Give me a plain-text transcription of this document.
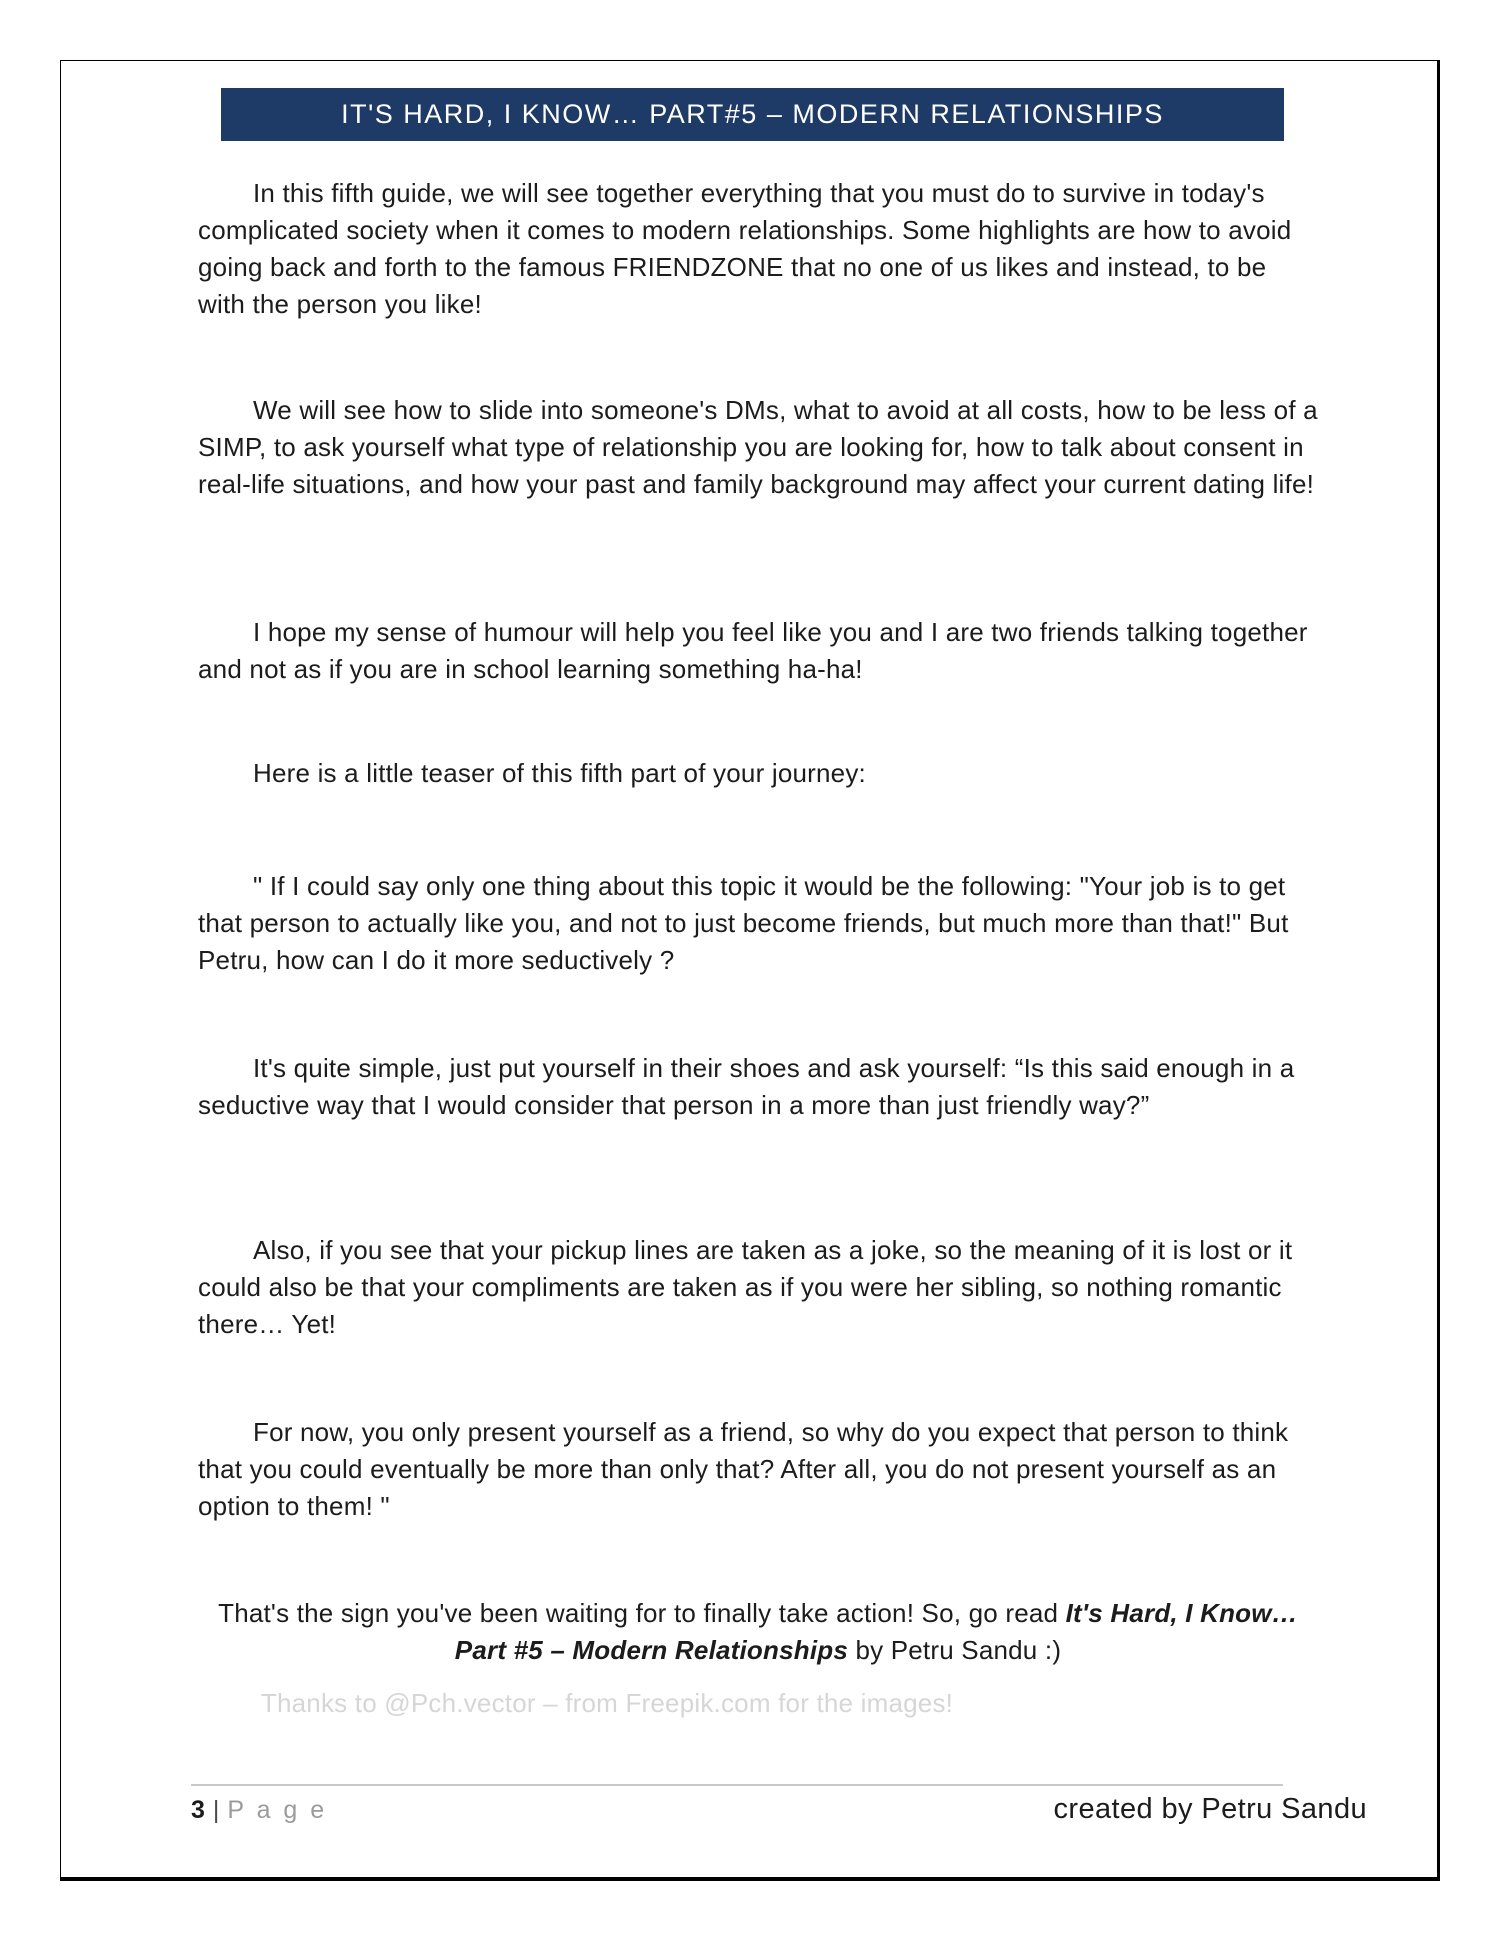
IT'S HARD, I KNOW… PART#5 – MODERN RELATIONSHIPS

In this fifth guide, we will see together everything that you must do to survive in today's complicated society when it comes to modern relationships. Some highlights are how to avoid going back and forth to the famous FRIENDZONE that no one of us likes and instead, to be with the person you like!

We will see how to slide into someone's DMs, what to avoid at all costs, how to be less of a SIMP, to ask yourself what type of relationship you are looking for, how to talk about consent in real-life situations, and how your past and family background may affect your current dating life!

I hope my sense of humour will help you feel like you and I are two friends talking together and not as if you are in school learning something ha-ha!

Here is a little teaser of this fifth part of your journey:

" If I could say only one thing about this topic it would be the following: "Your job is to get that person to actually like you, and not to just become friends, but much more than that!" But Petru, how can I do it more seductively ?

It's quite simple, just put yourself in their shoes and ask yourself: “Is this said enough in a seductive way that I would consider that person in a more than just friendly way?”

Also, if you see that your pickup lines are taken as a joke, so the meaning of it is lost or it could also be that your compliments are taken as if you were her sibling, so nothing romantic there… Yet!

For now, you only present yourself as a friend, so why do you expect that person to think that you could eventually be more than only that? After all, you do not present yourself as an option to them! "

That's the sign you've been waiting for to finally take action! So, go read It's Hard, I Know… Part #5 – Modern Relationships by Petru Sandu :)

Thanks to @Pch.vector – from Freepik.com for the images!

3 | P a g e	created by Petru Sandu
